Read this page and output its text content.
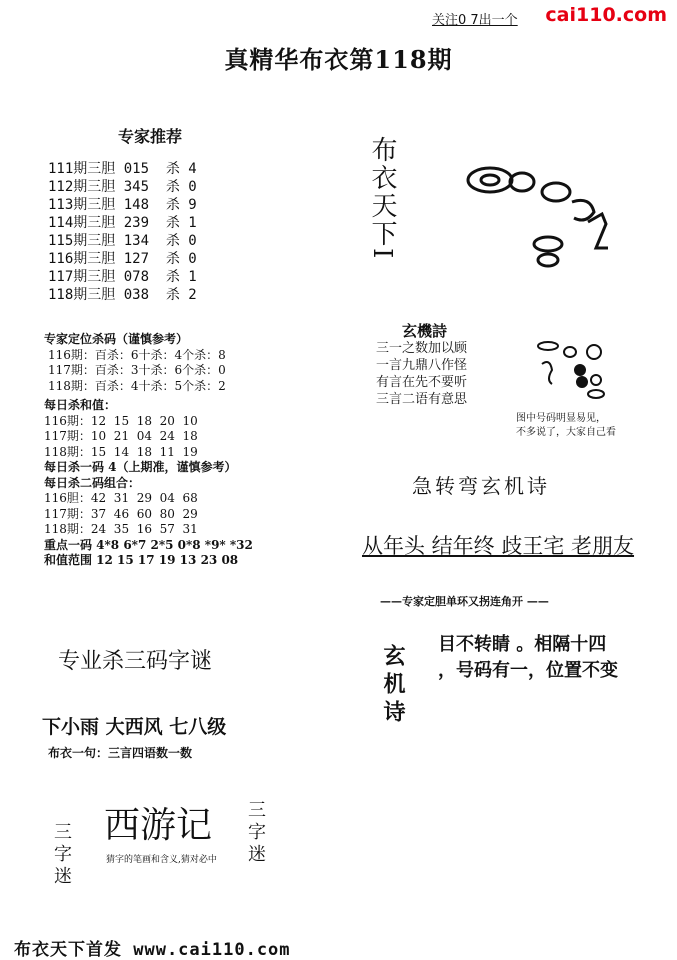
关注0 7出一个 cai110.com
真精华布衣第118期
专家推荐
111期三胆 015  杀 4
112期三胆 345  杀 0
113期三胆 148  杀 9
114期三胆 239  杀 1
115期三胆 134  杀 0
116期三胆 127  杀 0
117期三胆 078  杀 1
118期三胆 038  杀 2
专家定位杀码（谨慎参考）
116期：百杀：6十杀：4个杀：8
117期：百杀：3十杀：6个杀：0
118期：百杀：4十杀：5个杀：2
每日杀和值：
116期：12  15  18  20  10
117期：10  21  04  24  18
118期：15  14  18  11  19
每日杀一码 4（上期准，谨慎参考）
每日杀二码组合：
116胆：42  31  29  04  68
117期：37  46  60  80  29
118期：24  35  16  57  31
重点一码 4*8 6*7 2*5 0*8 *9* *32
和值范围 12 15 17 19 13 23 08
专业杀三码字谜
下小雨 大西风 七八级
布衣一句：三言四语数一数
三字迷	三字迷
西游记
猜字的笔画和含义,猜对必中
布衣天下I
玄機詩
三一之数加以顾
一言九鼎八作怪
有言在先不要听
三言二语有意思
图中号码明显易见，
不多说了，大家自己看
急转弯玄机诗
从年头 结年终 歧王宅 老朋友
——专家定胆单环又拐连角开 ——
玄机诗 目不转睛 。相隔十四
，号码有一，位置不变
布衣天下首发 www.cai110.com
